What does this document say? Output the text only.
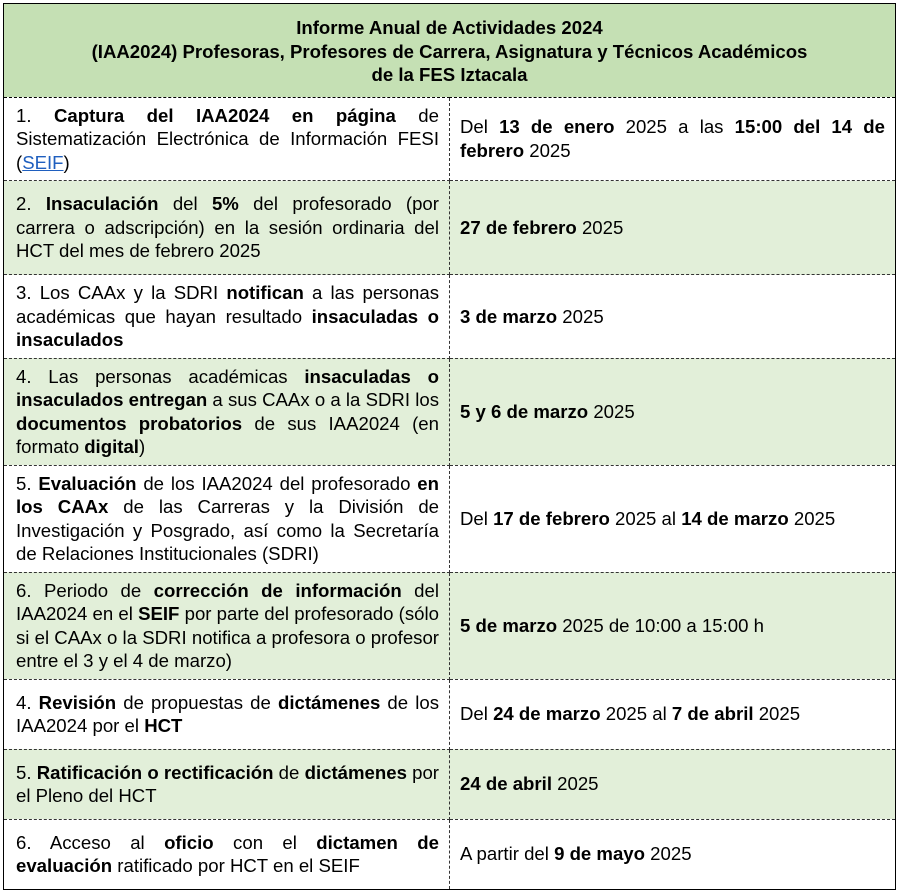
Informe Anual de Actividades 2024
(IAA2024) Profesoras, Profesores de Carrera, Asignatura y Técnicos Académicos
de la FES Iztacala	

1. Captura del IAA2024 en página de Sistematización Electrónica de Información FESI (SEIF)	Del 13 de enero 2025 a las 15:00 del 14 de febrero 2025
2. Insaculación del 5% del profesorado (por carrera o adscripción) en la sesión ordinaria del HCT del mes de febrero 2025	27 de febrero 2025
3. Los CAAx y la SDRI notifican a las personas académicas que hayan resultado insaculadas o insaculados	3 de marzo 2025
4. Las personas académicas insaculadas o insaculados entregan a sus CAAx o a la SDRI los documentos probatorios de sus IAA2024 (en formato digital)	5 y 6 de marzo 2025
5. Evaluación de los IAA2024 del profesorado en los CAAx de las Carreras y la División de Investigación y Posgrado, así como la Secretaría de Relaciones Institucionales (SDRI)	Del 17 de febrero 2025 al 14 de marzo 2025
6. Periodo de corrección de información del IAA2024 en el SEIF por parte del profesorado (sólo si el CAAx o la SDRI notifica a profesora o profesor entre el 3 y el 4 de marzo)	5 de marzo 2025 de 10:00 a 15:00 h
4. Revisión de propuestas de dictámenes de los IAA2024 por el HCT	Del 24 de marzo 2025 al 7 de abril 2025
5. Ratificación o rectificación de dictámenes por el Pleno del HCT	24 de abril 2025
6. Acceso al oficio con el dictamen de evaluación ratificado por HCT en el SEIF	A partir del 9 de mayo 2025
